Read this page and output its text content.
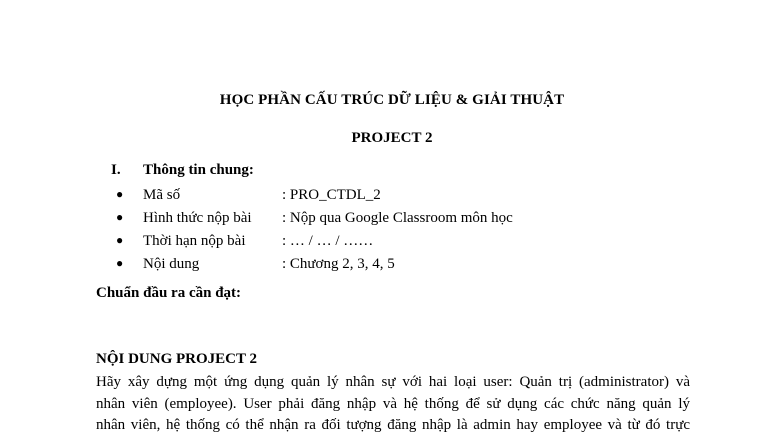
HỌC PHẦN CẤU TRÚC DỮ LIỆU & GIẢI THUẬT
PROJECT 2
I. Thông tin chung:
● Mã số	: PRO_CTDL_2
● Hình thức nộp bài : Nộp qua Google Classroom môn học
● Thời hạn nộp bài : … / … / ……
● Nội dung	: Chương 2, 3, 4, 5
Chuẩn đầu ra cần đạt:
NỘI DUNG PROJECT 2
Hãy xây dựng một ứng dụng quản lý nhân sự với hai loại user: Quản trị (administrator) và
nhân viên (employee). User phải đăng nhập và hệ thống để sử dụng các chức năng quản lý
nhân viên, hệ thống có thể nhận ra đối tượng đăng nhập là admin hay employee và từ đó trực
